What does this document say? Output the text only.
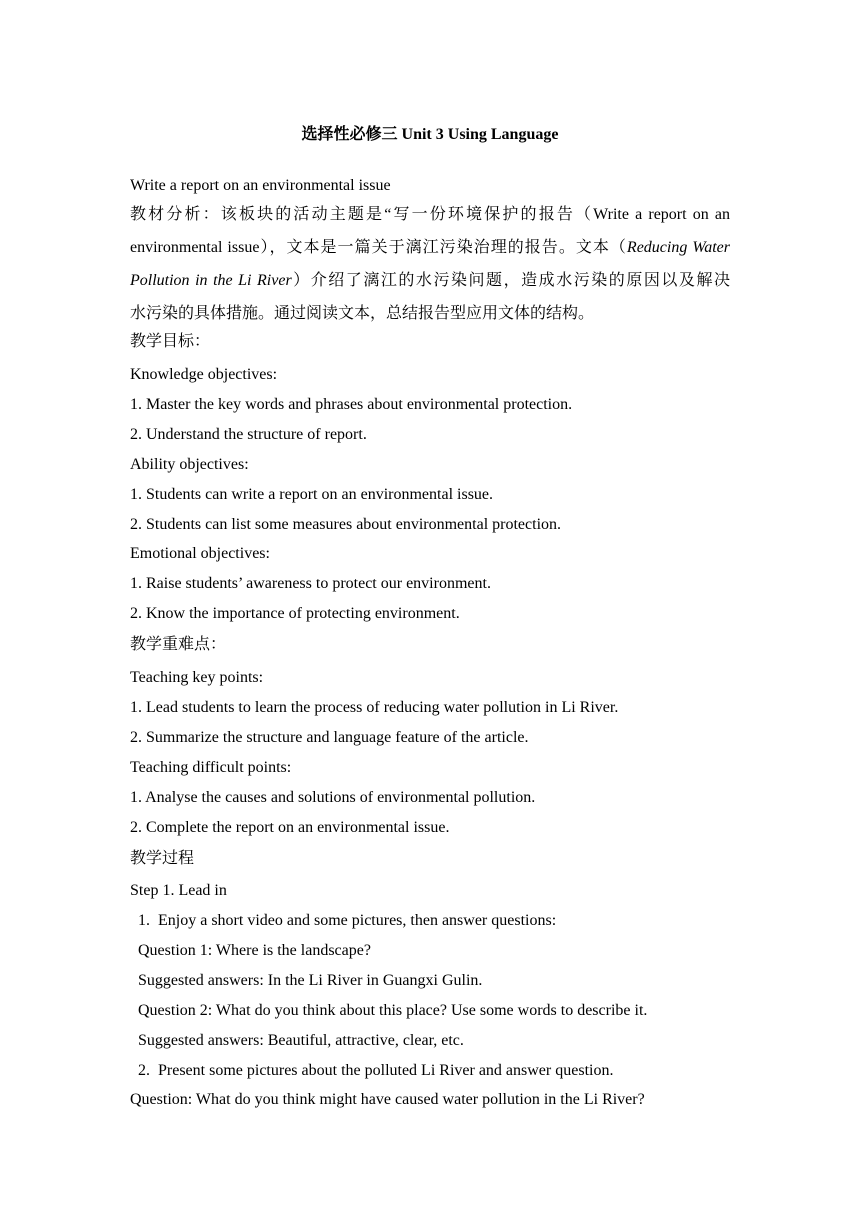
选择性必修三 Unit 3 Using Language
Write a report on an environmental issue
教材分析：该板块的活动主题是“写一份环境保护的报告（Write a report on an
environmental issue），文本是一篇关于漓江污染治理的报告。文本（Reducing Water
Pollution in the Li River）介绍了漓江的水污染问题，造成水污染的原因以及解决
水污染的具体措施。通过阅读文本，总结报告型应用文体的结构。
教学目标：
Knowledge objectives:
1. Master the key words and phrases about environmental protection.
2. Understand the structure of report.
Ability objectives:
1. Students can write a report on an environmental issue.
2. Students can list some measures about environmental protection.
Emotional objectives:
1. Raise students’ awareness to protect our environment.
2. Know the importance of protecting environment.
教学重难点：
Teaching key points:
1. Lead students to learn the process of reducing water pollution in Li River.
2. Summarize the structure and language feature of the article.
Teaching difficult points:
1. Analyse the causes and solutions of environmental pollution.
2. Complete the report on an environmental issue.
教学过程
Step 1. Lead in
1.  Enjoy a short video and some pictures, then answer questions:
Question 1: Where is the landscape?
Suggested answers: In the Li River in Guangxi Gulin.
Question 2: What do you think about this place? Use some words to describe it.
Suggested answers: Beautiful, attractive, clear, etc.
2.  Present some pictures about the polluted Li River and answer question.
Question: What do you think might have caused water pollution in the Li River?
